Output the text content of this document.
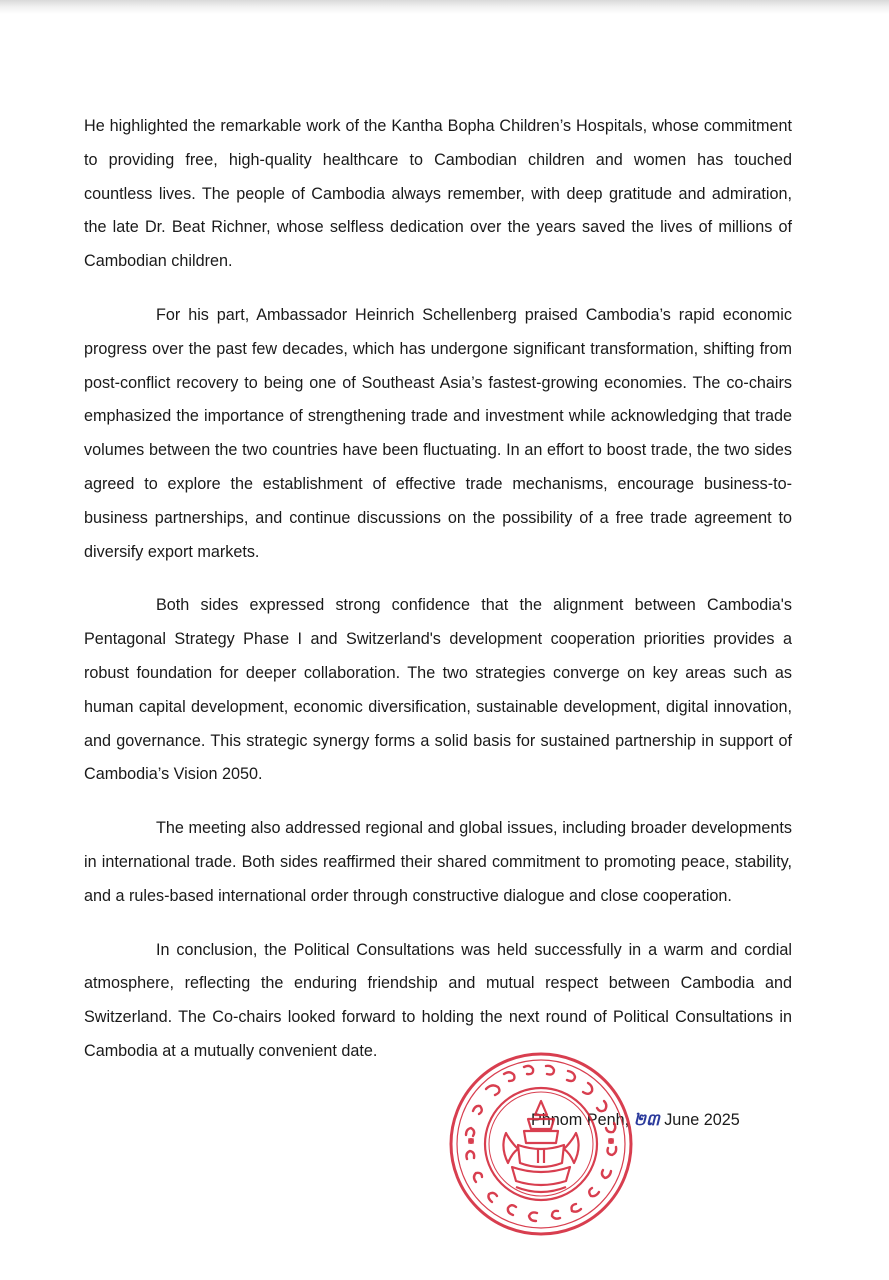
He highlighted the remarkable work of the Kantha Bopha Children’s Hospitals, whose commitment to providing free, high-quality healthcare to Cambodian children and women has touched countless lives. The people of Cambodia always remember, with deep gratitude and admiration, the late Dr. Beat Richner, whose selfless dedication over the years saved the lives of millions of Cambodian children.

For his part, Ambassador Heinrich Schellenberg praised Cambodia’s rapid economic progress over the past few decades, which has undergone significant transformation, shifting from post-conflict recovery to being one of Southeast Asia’s fastest-growing economies. The co-chairs emphasized the importance of strengthening trade and investment while acknowledging that trade volumes between the two countries have been fluctuating. In an effort to boost trade, the two sides agreed to explore the establishment of effective trade mechanisms, encourage business-to-business partnerships, and continue discussions on the possibility of a free trade agreement to diversify export markets.

Both sides expressed strong confidence that the alignment between Cambodia's Pentagonal Strategy Phase I and Switzerland's development cooperation priorities provides a robust foundation for deeper collaboration. The two strategies converge on key areas such as human capital development, economic diversification, sustainable development, digital innovation, and governance. This strategic synergy forms a solid basis for sustained partnership in support of Cambodia’s Vision 2050.

The meeting also addressed regional and global issues, including broader developments in international trade. Both sides reaffirmed their shared commitment to promoting peace, stability, and a rules-based international order through constructive dialogue and close cooperation.

In conclusion, the Political Consultations was held successfully in a warm and cordial atmosphere, reflecting the enduring friendship and mutual respect between Cambodia and Switzerland. The Co-chairs looked forward to holding the next round of Political Consultations in Cambodia at a mutually convenient date.

Phnom Penh, ២៣ June 2025
